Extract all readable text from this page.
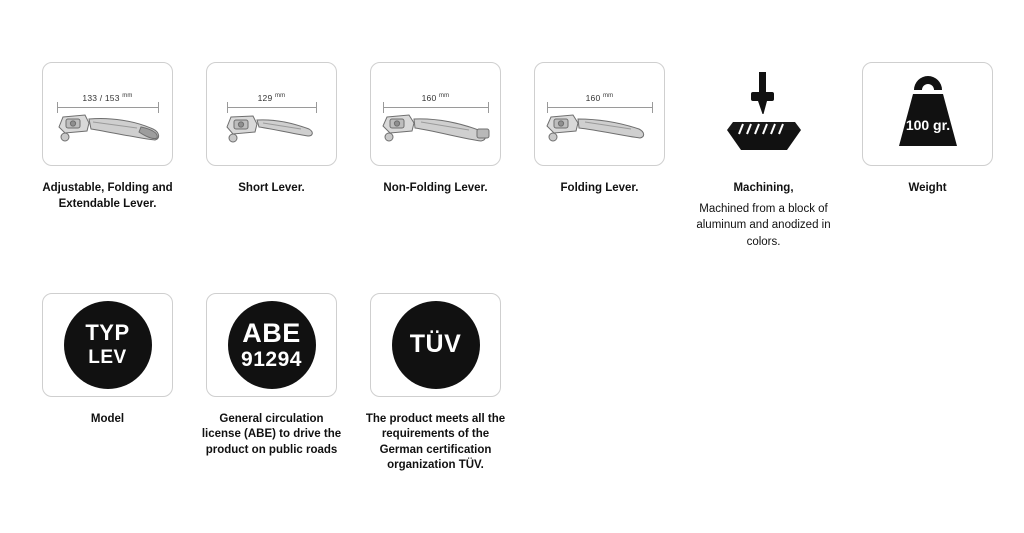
133 / 153 $^{mm}$
Adjustable, Folding and Extendable Lever.
129 $^{mm}$
Short Lever.
160 $^{mm}$
Non-Folding Lever.
160 $^{mm}$
Folding Lever.	Machining,
Machined from a block of aluminum and anodized in colors.
100 gr.
Weight
TYP
LEV
Model
ABE
91294
General circulation license (ABE) to drive the product on public roads
TÜV
The product meets all the requirements of the German certification organization TÜV.
